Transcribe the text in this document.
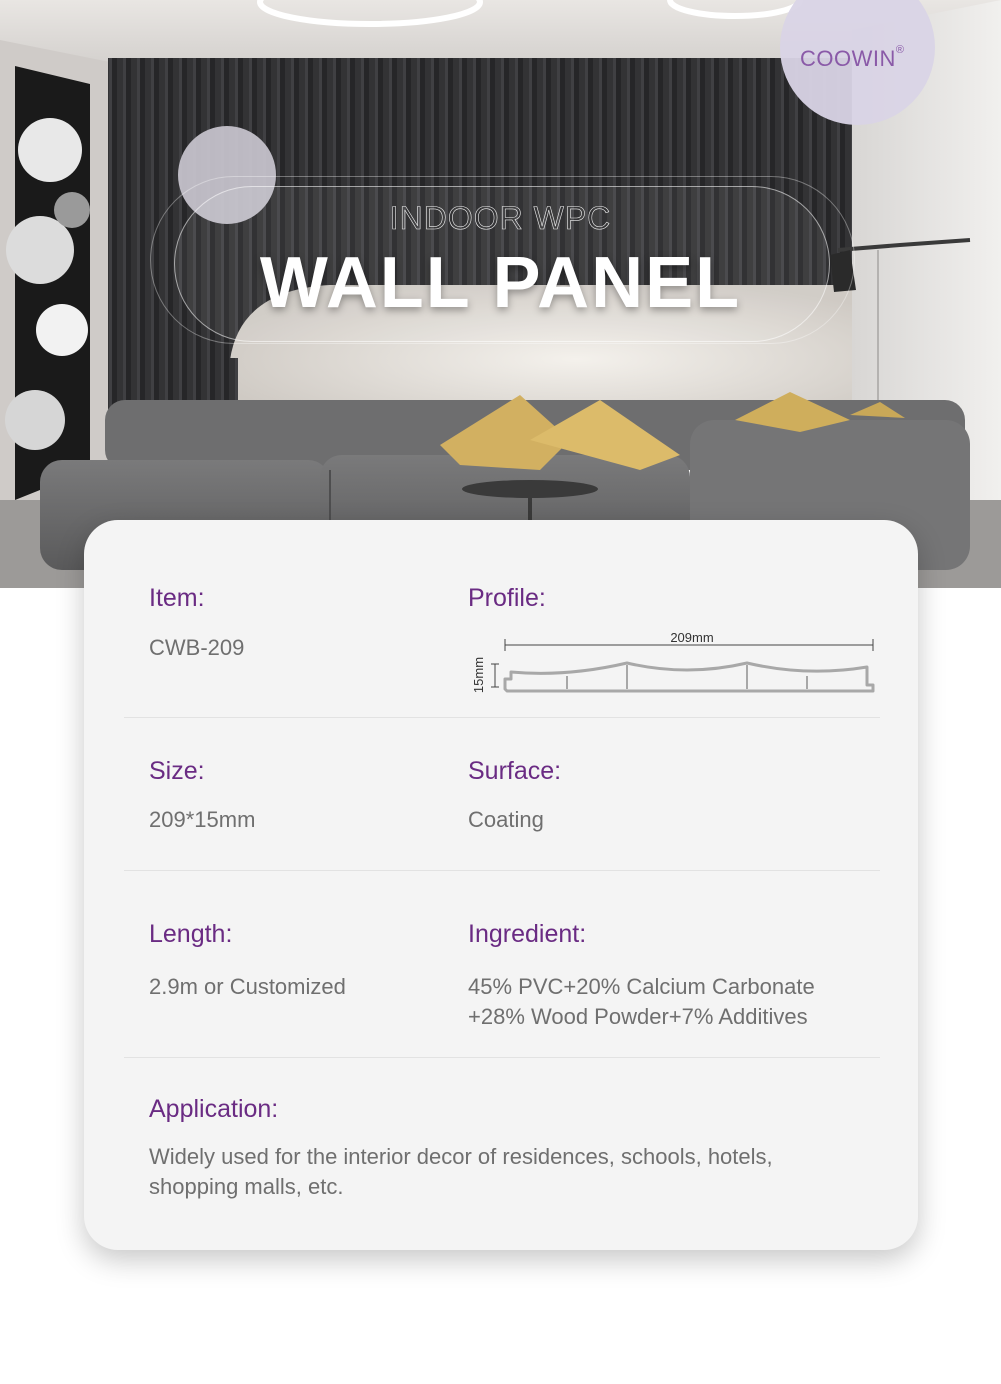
COOWIN®
INDOOR WPC
WALL PANEL
Item:
CWB-209
Profile:
209mm
15mm
Size:
209*15mm
Surface:
Coating
Length:
2.9m or Customized
Ingredient:
45% PVC+20% Calcium Carbonate
+28% Wood Powder+7% Additives
Application:
Widely used for the interior decor of residences, schools, hotels,
shopping malls, etc.
